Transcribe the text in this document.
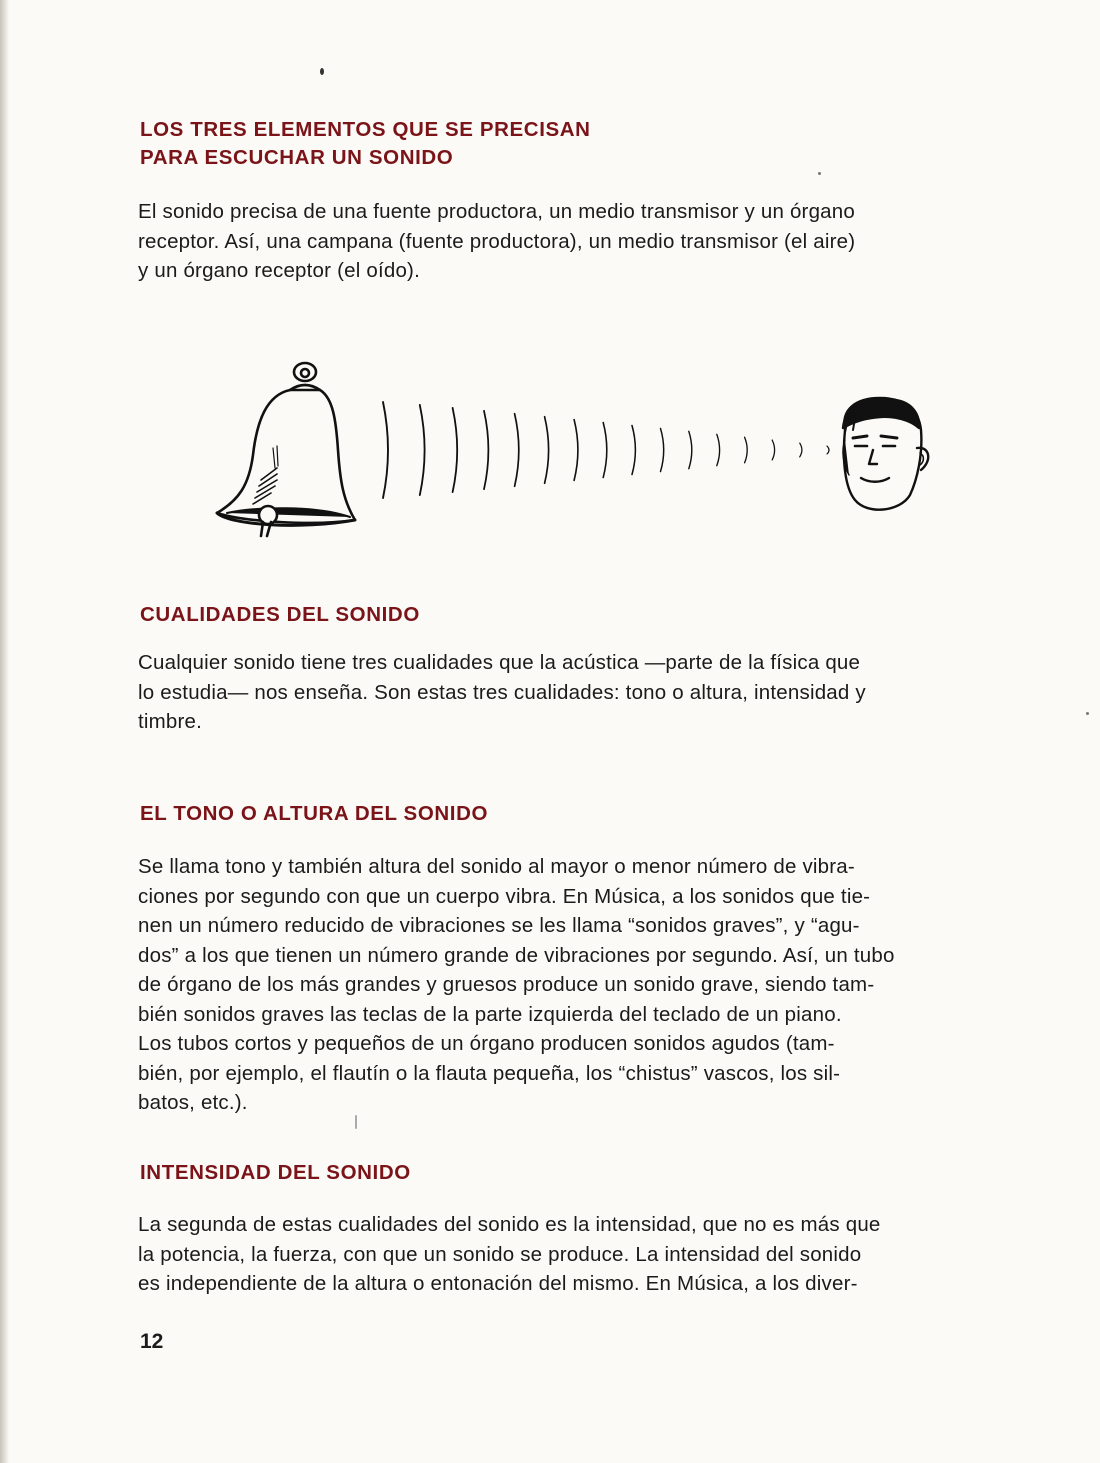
LOS TRES ELEMENTOS QUE SE PRECISAN
PARA ESCUCHAR UN SONIDO

El sonido precisa de una fuente productora, un medio transmisor y un órgano
receptor. Así, una campana (fuente productora), un medio transmisor (el aire)
y un órgano receptor (el oído).

CUALIDADES DEL SONIDO

Cualquier sonido tiene tres cualidades que la acústica —parte de la física que
lo estudia— nos enseña. Son estas tres cualidades: tono o altura, intensidad y
timbre.

EL TONO O ALTURA DEL SONIDO

Se llama tono y también altura del sonido al mayor o menor número de vibra-
ciones por segundo con que un cuerpo vibra. En Música, a los sonidos que tie-
nen un número reducido de vibraciones se les llama “sonidos graves”, y “agu-
dos” a los que tienen un número grande de vibraciones por segundo. Así, un tubo
de órgano de los más grandes y gruesos produce un sonido grave, siendo tam-
bién sonidos graves las teclas de la parte izquierda del teclado de un piano.
Los tubos cortos y pequeños de un órgano producen sonidos agudos (tam-
bién, por ejemplo, el flautín o la flauta pequeña, los “chistus” vascos, los sil-
batos, etc.).

INTENSIDAD DEL SONIDO

La segunda de estas cualidades del sonido es la intensidad, que no es más que
la potencia, la fuerza, con que un sonido se produce. La intensidad del sonido
es independiente de la altura o entonación del mismo. En Música, a los diver-

12
